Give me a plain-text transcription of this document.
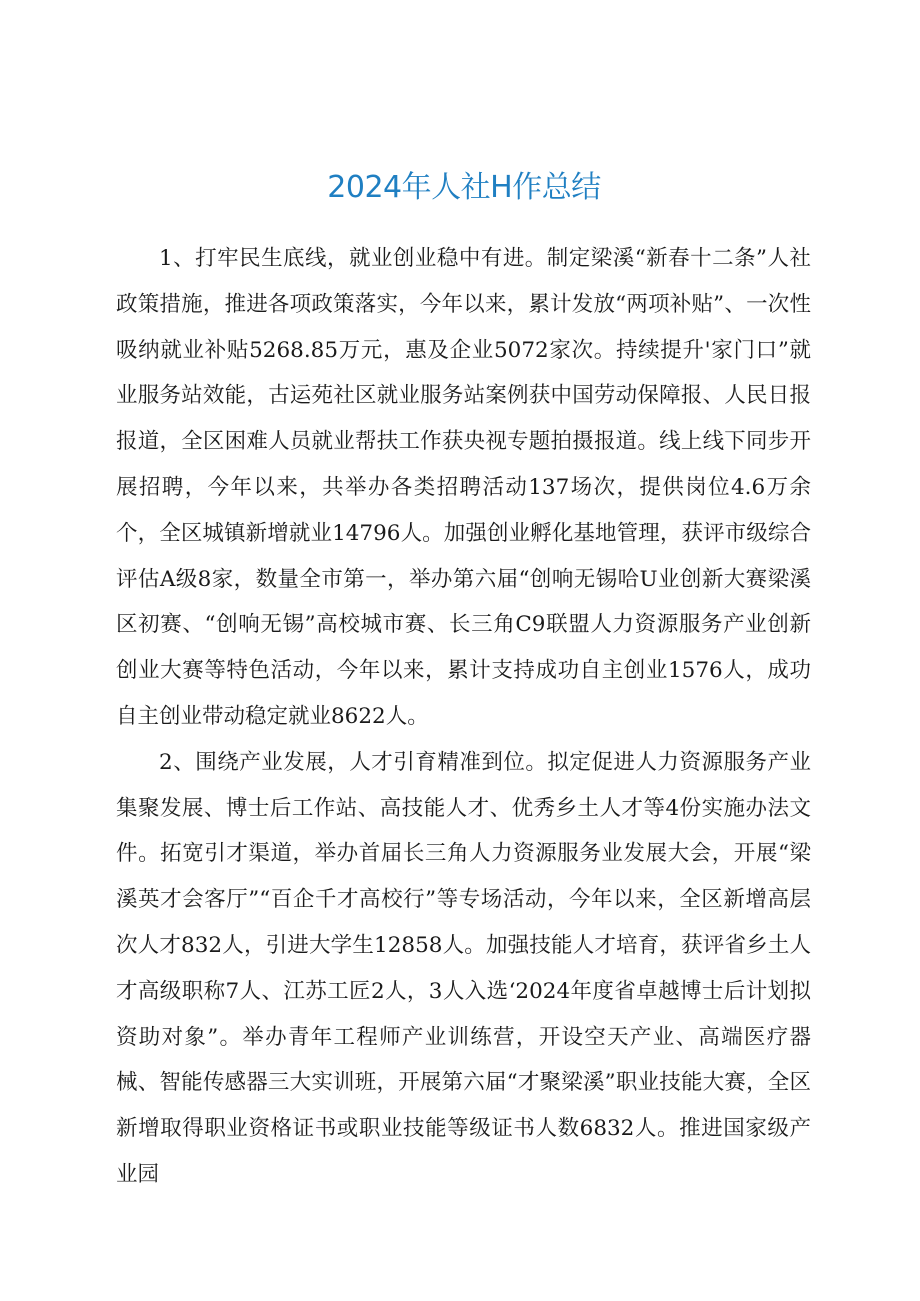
2024年人社H作总结

1、打牢民生底线，就业创业稳中有进。制定梁溪“新春十二条”人社政策措施，推进各项政策落实，今年以来，累计发放“两项补贴”、一次性吸纳就业补贴5268.85万元，惠及企业5072家次。持续提升'家门口”就业服务站效能，古运苑社区就业服务站案例获中国劳动保障报、人民日报报道，全区困难人员就业帮扶工作获央视专题拍摄报道。线上线下同步开展招聘，今年以来，共举办各类招聘活动137场次，提供岗位4.6万余个，全区城镇新增就业14796人。加强创业孵化基地管理，获评市级综合评估A级8家，数量全市第一，举办第六届“创响无锡哈U业创新大赛梁溪区初赛、“创响无锡”高校城市赛、长三角C9联盟人力资源服务产业创新创业大赛等特色活动，今年以来，累计支持成功自主创业1576人，成功自主创业带动稳定就业8622人。

2、围绕产业发展，人才引育精准到位。拟定促进人力资源服务产业集聚发展、博士后工作站、高技能人才、优秀乡土人才等4份实施办法文件。拓宽引才渠道，举办首届长三角人力资源服务业发展大会，开展“梁溪英才会客厅”“百企千才高校行”等专场活动，今年以来，全区新增高层次人才832人，引进大学生12858人。加强技能人才培育，获评省乡土人才高级职称7人、江苏工匠2人，3人入选‘2024年度省卓越博士后计划拟资助对象”。举办青年工程师产业训练营，开设空天产业、高端医疗器械、智能传感器三大实训班，开展第六届“才聚梁溪”职业技能大赛，全区新增取得职业资格证书或职业技能等级证书人数6832人。推进国家级产业园
